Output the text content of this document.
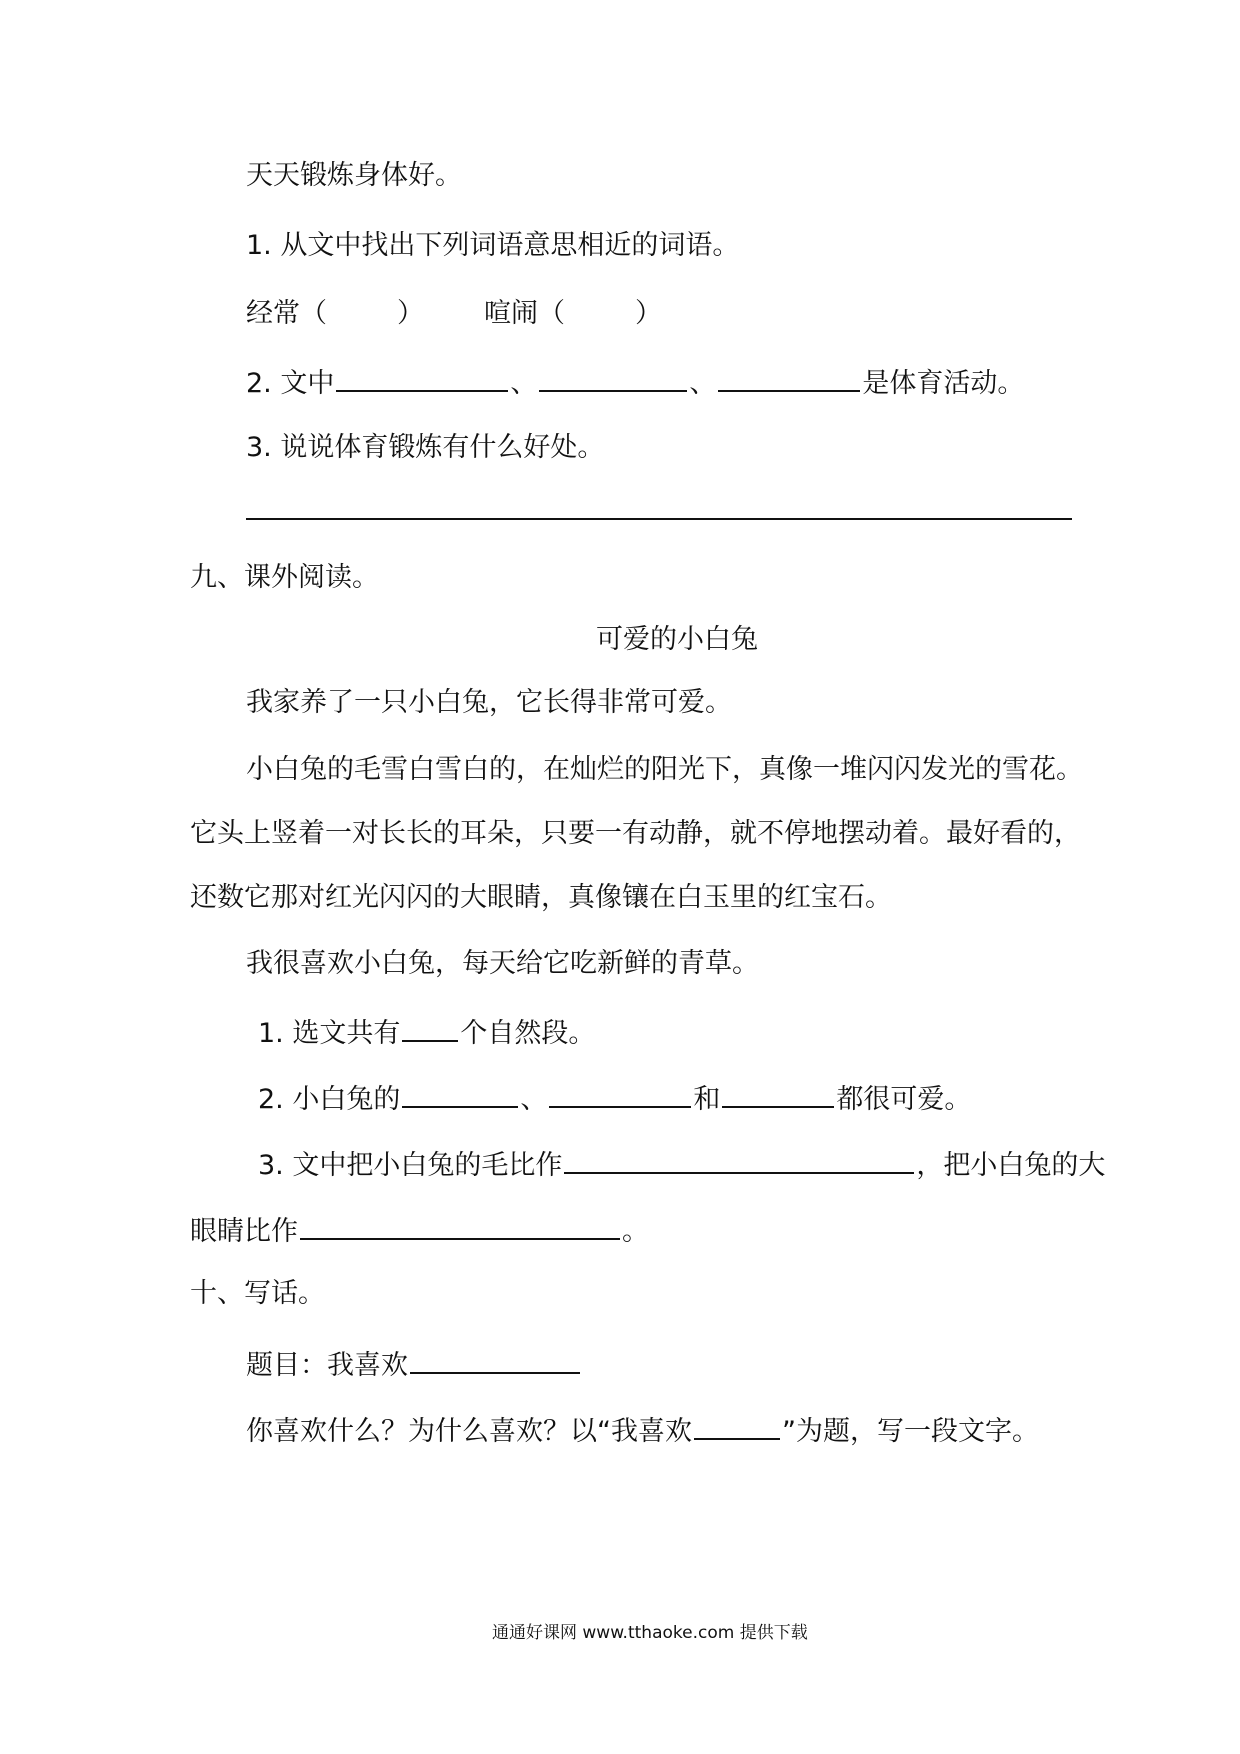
天天锻炼身体好。
1. 从文中找出下列词语意思相近的词语。
经常（	） 喧闹（	）
2. 文中	、	、	是体育活动。
3. 说说体育锻炼有什么好处。
九、课外阅读。
可爱的小白兔
我家养了一只小白兔，它长得非常可爱。
小白兔的毛雪白雪白的，在灿烂的阳光下，真像一堆闪闪发光的雪花。
它头上竖着一对长长的耳朵，只要一有动静，就不停地摆动着。最好看的，
还数它那对红光闪闪的大眼睛，真像镶在白玉里的红宝石。
我很喜欢小白兔，每天给它吃新鲜的青草。
1. 选文共有 个自然段。
2. 小白兔的	、	和	都很可爱。
3. 文中把小白兔的毛比作	，把小白兔的大
眼睛比作	。
十、写话。
题目：我喜欢
你喜欢什么？为什么喜欢？以“我喜欢	”为题，写一段文字。
通通好课网 www.tthaoke.com 提供下载
